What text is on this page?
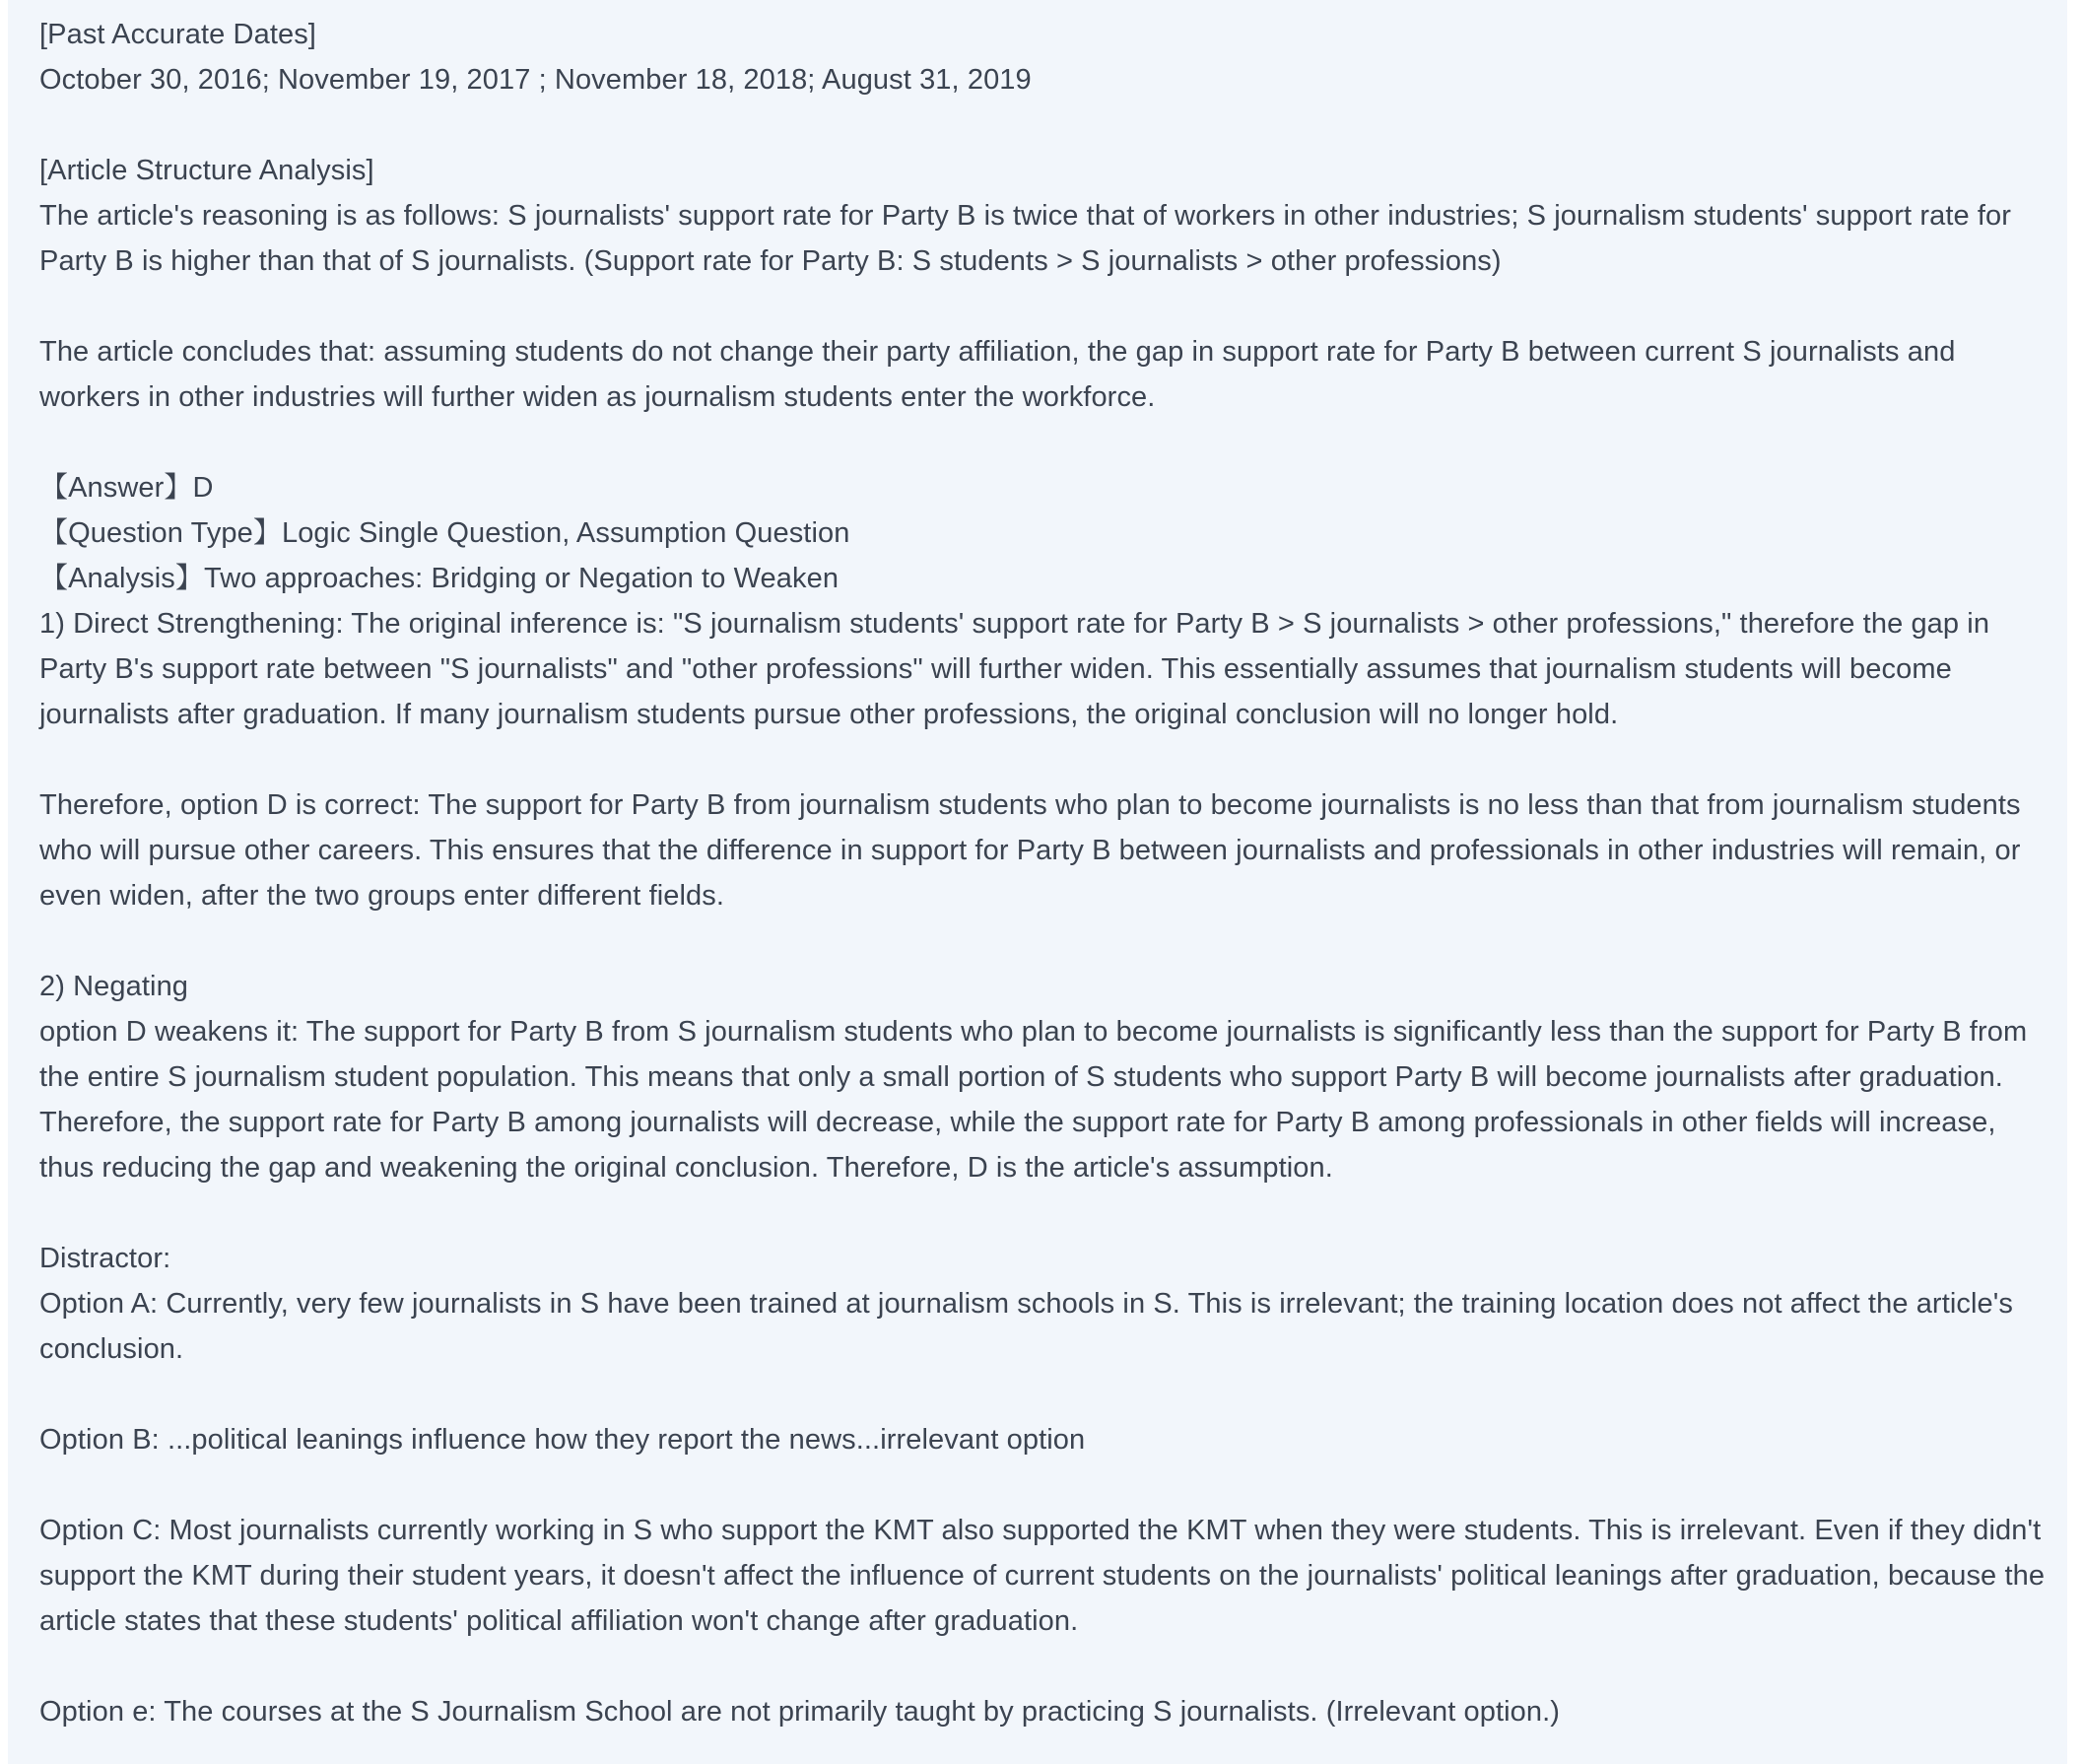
[Past Accurate Dates]

October 30, 2016; November 19, 2017 ; November 18, 2018; August 31, 2019

[Article Structure Analysis]

The article's reasoning is as follows: S journalists' support rate for Party B is twice that of workers in other industries; S journalism students' support rate for Party B is higher than that of S journalists. (Support rate for Party B: S students > S journalists > other professions)

The article concludes that: assuming students do not change their party affiliation, the gap in support rate for Party B between current S journalists and workers in other industries will further widen as journalism students enter the workforce.

【Answer】D

【Question Type】Logic Single Question, Assumption Question

【Analysis】Two approaches: Bridging or Negation to Weaken

1) Direct Strengthening: The original inference is: "S journalism students' support rate for Party B > S journalists > other professions," therefore the gap in Party B's support rate between "S journalists" and "other professions" will further widen. This essentially assumes that journalism students will become journalists after graduation. If many journalism students pursue other professions, the original conclusion will no longer hold.

Therefore, option D is correct: The support for Party B from journalism students who plan to become journalists is no less than that from journalism students who will pursue other careers. This ensures that the difference in support for Party B between journalists and professionals in other industries will remain, or even widen, after the two groups enter different fields.

2) Negating

option D weakens it: The support for Party B from S journalism students who plan to become journalists is significantly less than the support for Party B from the entire S journalism student population. This means that only a small portion of S students who support Party B will become journalists after graduation. Therefore, the support rate for Party B among journalists will decrease, while the support rate for Party B among professionals in other fields will increase, thus reducing the gap and weakening the original conclusion. Therefore, D is the article's assumption.

Distractor:

Option A: Currently, very few journalists in S have been trained at journalism schools in S. This is irrelevant; the training location does not affect the article's conclusion.

Option B: ...political leanings influence how they report the news...irrelevant option

Option C: Most journalists currently working in S who support the KMT also supported the KMT when they were students. This is irrelevant. Even if they didn't support the KMT during their student years, it doesn't affect the influence of current students on the journalists' political leanings after graduation, because the article states that these students' political affiliation won't change after graduation.

Option e: The courses at the S Journalism School are not primarily taught by practicing S journalists. (Irrelevant option.)
